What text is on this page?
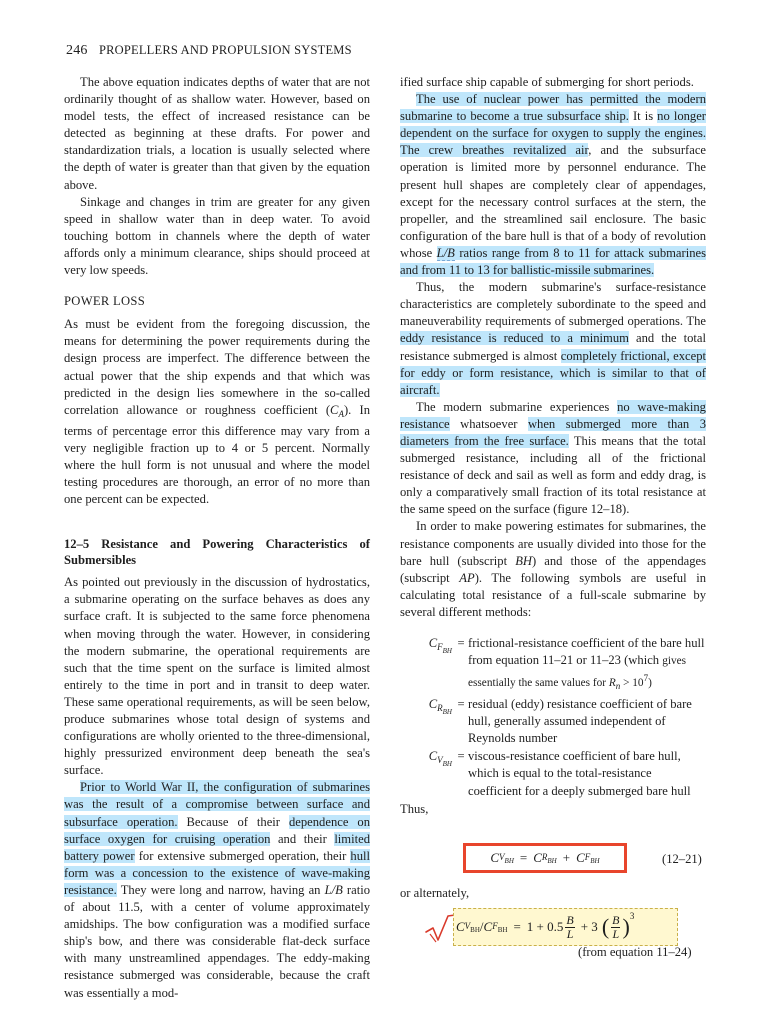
246 PROPELLERS AND PROPULSION SYSTEMS

The above equation indicates depths of water that are not ordinarily thought of as shallow water. However, based on model tests, the effect of increased resistance can be detected as beginning at these drafts. For power and standardization trials, a location is usually selected where the depth of water is greater than that given by the equation above.

Sinkage and changes in trim are greater for any given speed in shallow water than in deep water. To avoid touching bottom in channels where the depth of water affords only a minimum clearance, ships should proceed at very low speeds.

POWER LOSS

As must be evident from the foregoing discussion, the means for determining the power requirements during the design process are imperfect. The difference between the actual power that the ship expends and that which was predicted in the design lies somewhere in the so-called correlation allowance or roughness coefficient $(C_A)$. In terms of percentage error this difference may vary from a very negligible fraction up to 4 or 5 percent. Normally where the hull form is not unusual and where the model testing procedures are thorough, an error of no more than one percent can be expected.

12–5 Resistance and Powering Characteristics of Submersibles

As pointed out previously in the discussion of hydrostatics, a submarine operating on the surface behaves as does any surface craft. It is subjected to the same force phenomena when moving through the water. However, in considering the modern submarine, the operational requirements are such that the time spent on the surface is limited almost entirely to the time in port and in transit to deep water. These same operational requirements, as will be seen below, produce submarines whose total design of systems and configurations are wholly oriented to the three-dimensional, highly pressurized environment deep beneath the sea's surface.

Prior to World War II, the configuration of submarines was the result of a compromise between surface and subsurface operation. Because of their dependence on surface oxygen for cruising operation and their limited battery power for extensive submerged operation, their hull form was a concession to the existence of wave-making resistance. They were long and narrow, having an L/B ratio of about 11.5, with a center of volume approximately amidships. The bow configuration was a modified surface ship's bow, and there was considerable flat-deck surface with many unstreamlined appendages. The eddy-making resistance submerged was considerable, because the craft was essentially a mod-

ified surface ship capable of submerging for short periods.

The use of nuclear power has permitted the modern submarine to become a true subsurface ship. It is no longer dependent on the surface for oxygen to supply the engines. The crew breathes revitalized air, and the subsurface operation is limited more by personnel endurance. The present hull shapes are completely clear of appendages, except for the necessary control surfaces at the stern, the propeller, and the streamlined sail enclosure. The basic configuration of the bare hull is that of a body of revolution whose L/B ratios range from 8 to 11 for attack submarines and from 11 to 13 for ballistic-missile submarines.

Thus, the modern submarine's surface-resistance characteristics are completely subordinate to the speed and maneuverability requirements of submerged operations. The eddy resistance is reduced to a minimum and the total resistance submerged is almost completely frictional, except for eddy or form resistance, which is similar to that of aircraft.

The modern submarine experiences no wave-making resistance whatsoever when submerged more than 3 diameters from the free surface. This means that the total submerged resistance, including all of the frictional resistance of deck and sail as well as form and eddy drag, is only a comparatively small fraction of its total resistance at the same speed on the surface (figure 12–18).

In order to make powering estimates for submarines, the resistance components are usually divided into those for the bare hull (subscript BH) and those of the appendages (subscript AP). The following symbols are useful in calculating total resistance of a full-scale submarine by several different methods:

$C_{F_{BH}}$
= frictional-resistance coefficient of the bare hull from equation 11–21 or 11–23 (which gives essentially the same values for $R_n > 10^7$)
$C_{R_{BH}}$
= residual (eddy) resistance coefficient of bare hull, generally assumed independent of Reynolds number
$C_{V_{BH}}$
= viscous-resistance coefficient of bare hull, which is equal to the total-resistance coefficient for a deeply submerged bare hull

Thus,

C $V_{BH} = C$ $R_{BH} + C$ $F_{BH}$	(12–21)
or alternately,
C $V_{BH}$ / C $F_{BH} = 1 + 0.5 \frac{B}{L} + 3$ ( $\frac{B}{L} )^3$
(from equation 11–24)
